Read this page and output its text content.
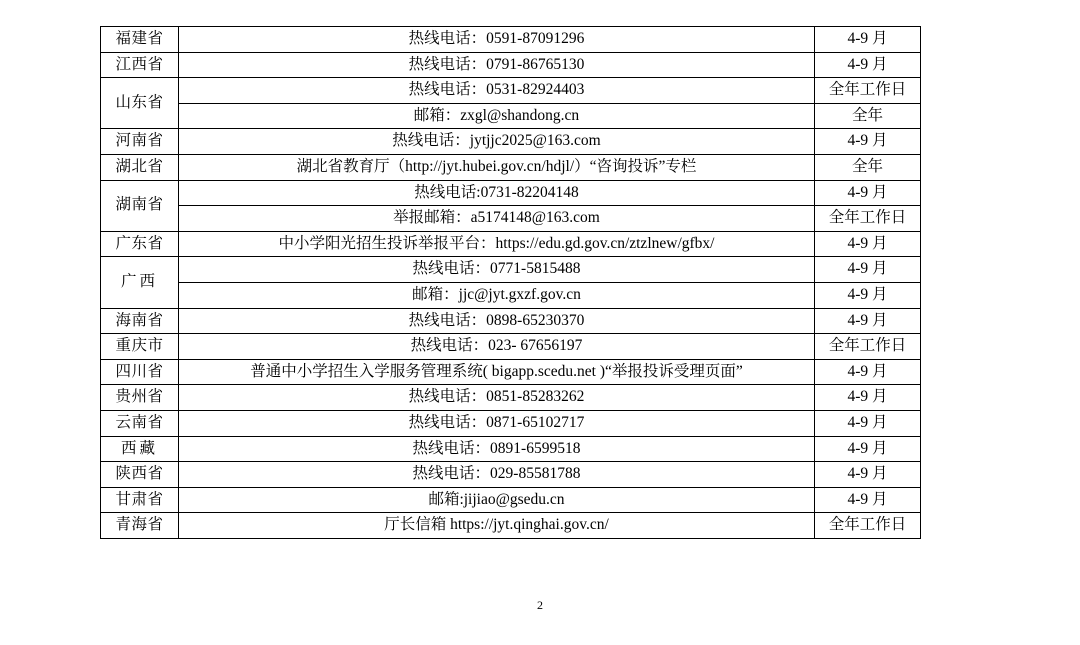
福建省	热线电话：0591-87091296	4-9 月
江西省	热线电话：0791-86765130	4-9 月
山东省	热线电话：0531-82924403	全年工作日
	邮箱：zxgl@shandong.cn	全年
河南省	热线电话：jytjjc2025@163.com	4-9 月
湖北省	湖北省教育厅（http://jyt.hubei.gov.cn/hdjl/）“咨询投诉”专栏	全年
湖南省	热线电话:0731-82204148	4-9 月
	举报邮箱：a5174148@163.com	全年工作日
广东省	中小学阳光招生投诉举报平台：https://edu.gd.gov.cn/ztzlnew/gfbx/	4-9 月
广西	热线电话：0771-5815488	4-9 月
	邮箱：jjc@jyt.gxzf.gov.cn	4-9 月
海南省	热线电话：0898-65230370	4-9 月
重庆市	热线电话：023- 67656197	全年工作日
四川省	普通中小学招生入学服务管理系统( bigapp.scedu.net )“举报投诉受理页面”	4-9 月
贵州省	热线电话：0851-85283262	4-9 月
云南省	热线电话：0871-65102717	4-9 月
西藏	热线电话：0891-6599518	4-9 月
陕西省	热线电话：029-85581788	4-9 月
甘肃省	邮箱:jijiao@gsedu.cn	4-9 月
青海省	厅长信箱 https://jyt.qinghai.gov.cn/	全年工作日
2
